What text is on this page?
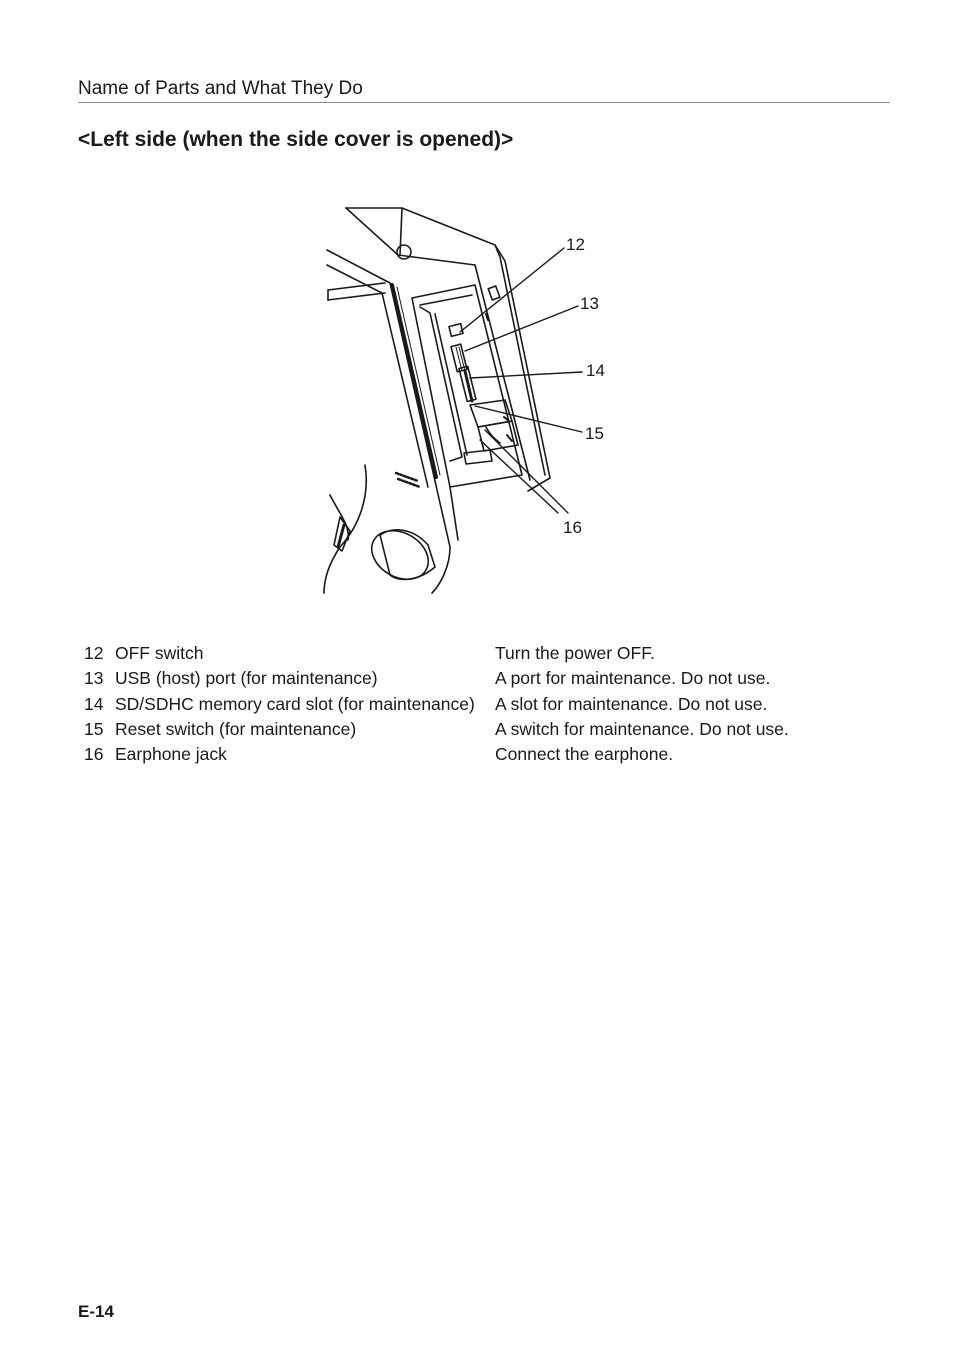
Name of Parts and What They Do
<Left side (when the side cover is opened)>
12
13
14
15
16
12	OFF switch	Turn the power OFF.
13	USB (host) port (for maintenance)	A port for maintenance. Do not use.
14	SD/SDHC memory card slot (for maintenance)	A slot for maintenance. Do not use.
15	Reset switch (for maintenance)	A switch for maintenance. Do not use.
16	Earphone jack	Connect the earphone.
E-14
